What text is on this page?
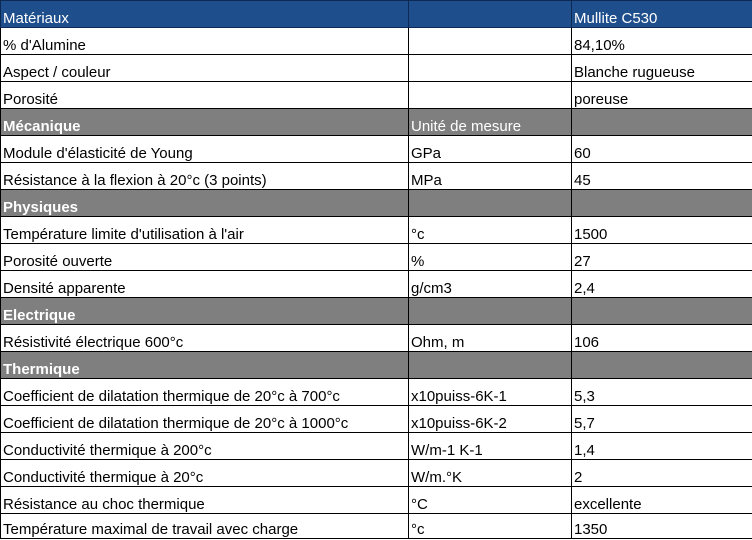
Matériaux		Mullite C530
% d'Alumine		84,10%
Aspect / couleur		Blanche rugueuse
Porosité		poreuse
Mécanique	Unité de mesure	
Module d'élasticité de Young	GPa	60
Résistance à la flexion à 20°c (3 points)	MPa	45
Physiques		
Température limite d'utilisation à l'air	°c	1500
Porosité ouverte	%	27
Densité apparente	g/cm3	2,4
Electrique		
Résistivité électrique 600°c	Ohm, m	106
Thermique		
Coefficient de dilatation thermique de 20°c à 700°c	x10puiss-6K-1	5,3
Coefficient de dilatation thermique de 20°c à 1000°c	x10puiss-6K-2	5,7
Conductivité thermique à 200°c	W/m-1 K-1	1,4
Conductivité thermique à 20°c	W/m.°K	2
Résistance au choc thermique	°C	excellente
Température maximal de travail avec charge	°c	1350
